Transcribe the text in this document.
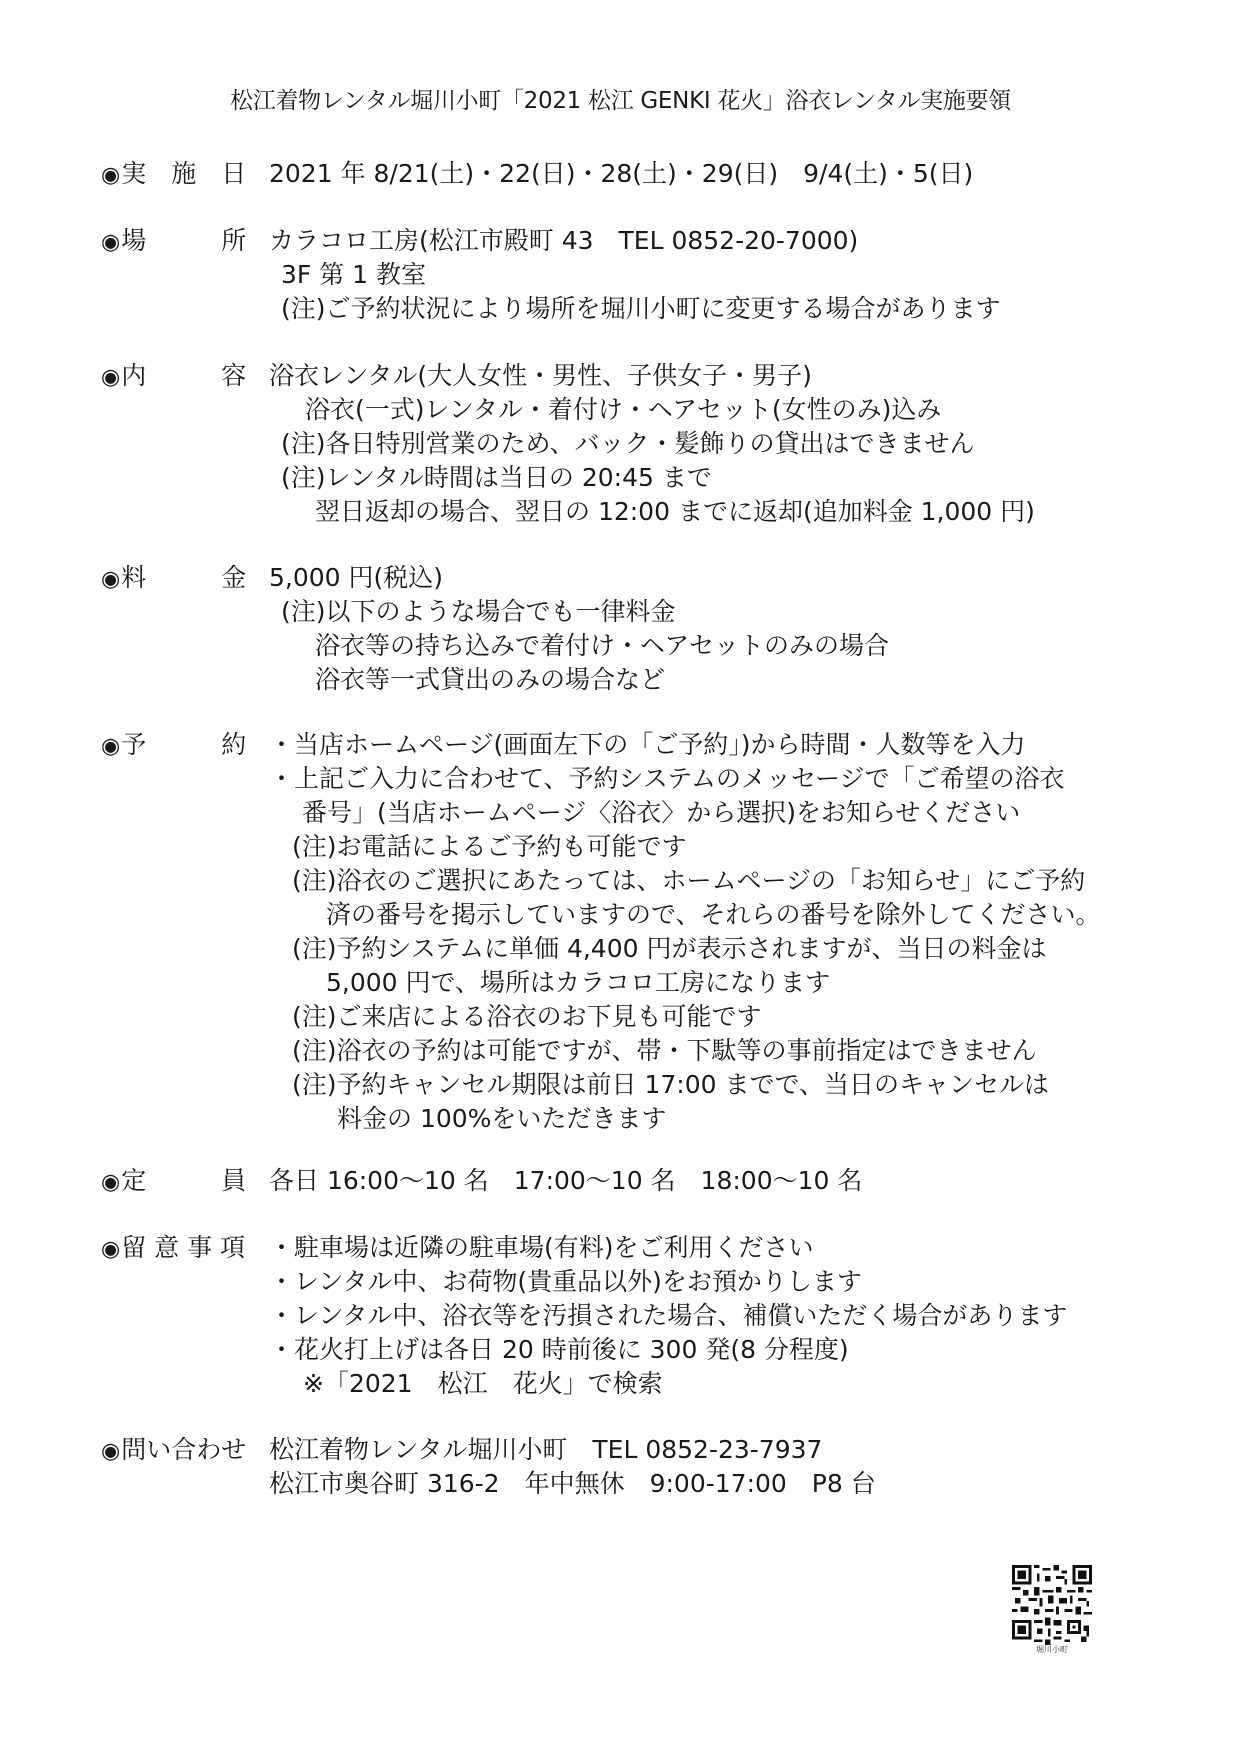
松江着物レンタル堀川小町「2021 松江 GENKI 花火」浴衣レンタル実施要領
◉実　施　日 2021 年 8/21(土)・22(日)・28(土)・29(日)　9/4(土)・5(日)
◉場　　　所 カラコロ工房(松江市殿町 43　TEL 0852-20-7000)
3F 第 1 教室
(注)ご予約状況により場所を堀川小町に変更する場合があります
◉内　　　容 浴衣レンタル(大人女性・男性、子供女子・男子)
浴衣(一式)レンタル・着付け・ヘアセット(女性のみ)込み
(注)各日特別営業のため、バック・髪飾りの貸出はできません
(注)レンタル時間は当日の 20:45 まで
翌日返却の場合、翌日の 12:00 までに返却(追加料金 1,000 円)
◉料　　　金 5,000 円(税込)
(注)以下のような場合でも一律料金
浴衣等の持ち込みで着付け・ヘアセットのみの場合
浴衣等一式貸出のみの場合など
◉予　　　約 ・当店ホームページ(画面左下の「ご予約」)から時間・人数等を入力
・上記ご入力に合わせて、予約システムのメッセージで「ご希望の浴衣
番号」(当店ホームページ〈浴衣〉から選択)をお知らせください
(注)お電話によるご予約も可能です
(注)浴衣のご選択にあたっては、ホームページの「お知らせ」にご予約
済の番号を掲示していますので、それらの番号を除外してください。
(注)予約システムに単価 4,400 円が表示されますが、当日の料金は
5,000 円で、場所はカラコロ工房になります
(注)ご来店による浴衣のお下見も可能です
(注)浴衣の予約は可能ですが、帯・下駄等の事前指定はできません
(注)予約キャンセル期限は前日 17:00 までで、当日のキャンセルは
料金の 100%をいただきます
◉定　　　員 各日 16:00～10 名　17:00～10 名　18:00～10 名
◉留 意 事 項 ・駐車場は近隣の駐車場(有料)をご利用ください
・レンタル中、お荷物(貴重品以外)をお預かりします
・レンタル中、浴衣等を汚損された場合、補償いただく場合があります
・花火打上げは各日 20 時前後に 300 発(8 分程度)
※「2021　松江　花火」で検索
◉問い合わせ 松江着物レンタル堀川小町　TEL 0852-23-7937
松江市奥谷町 316-2　年中無休　9:00-17:00　P8 台
堀川小町
